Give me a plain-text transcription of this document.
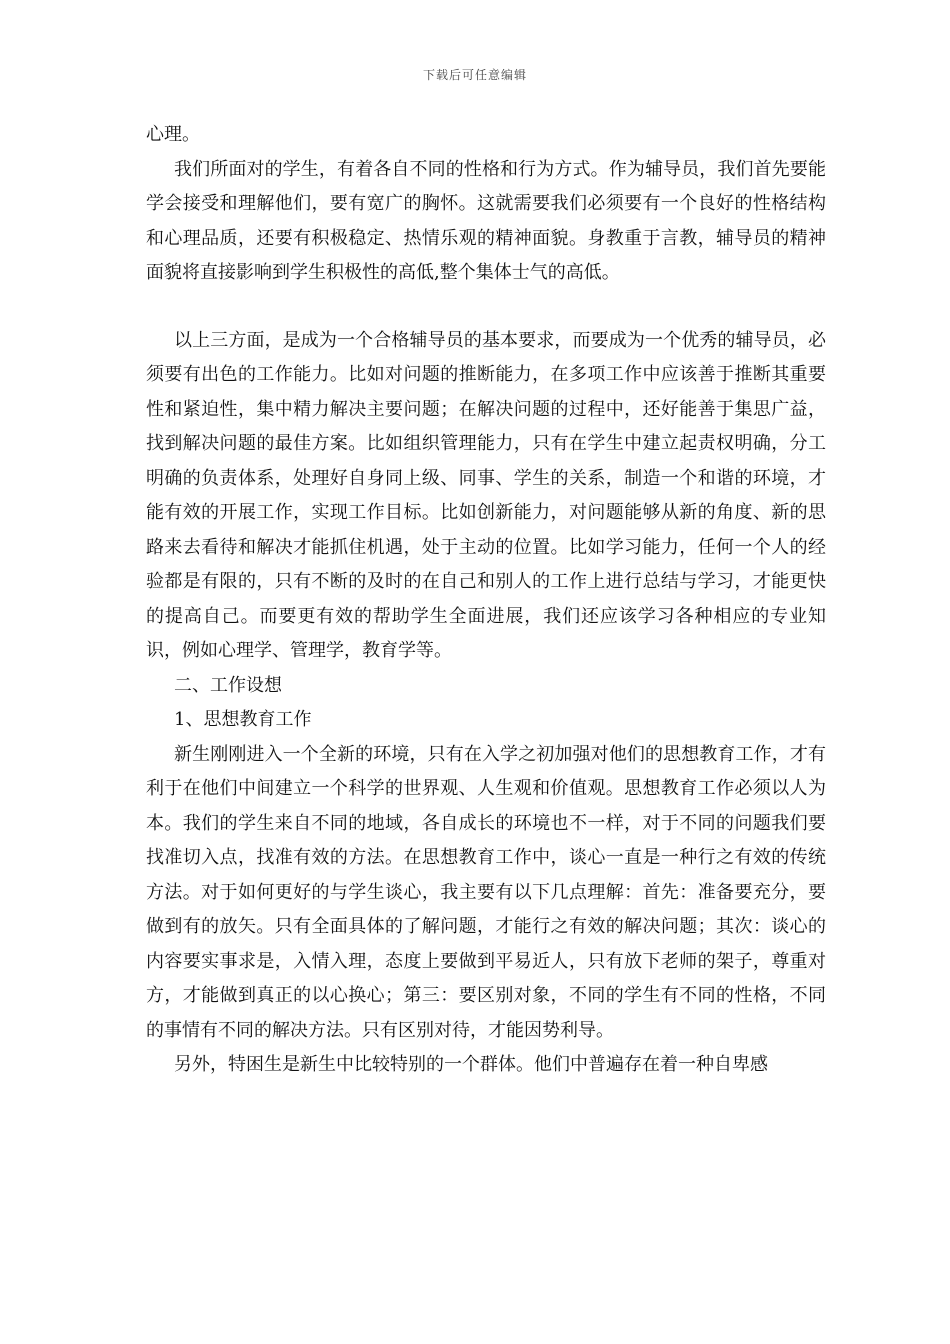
下载后可任意编辑

心理。

我们所面对的学生，有着各自不同的性格和行为方式。作为辅导员，我们首先要能学会接受和理解他们，要有宽广的胸怀。这就需要我们必须要有一个良好的性格结构和心理品质，还要有积极稳定、热情乐观的精神面貌。身教重于言教，辅导员的精神面貌将直接影响到学生积极性的高低,整个集体士气的高低。

以上三方面，是成为一个合格辅导员的基本要求，而要成为一个优秀的辅导员，必须要有出色的工作能力。比如对问题的推断能力，在多项工作中应该善于推断其重要性和紧迫性，集中精力解决主要问题；在解决问题的过程中，还好能善于集思广益，找到解决问题的最佳方案。比如组织管理能力，只有在学生中建立起责权明确，分工明确的负责体系，处理好自身同上级、同事、学生的关系，制造一个和谐的环境，才能有效的开展工作，实现工作目标。比如创新能力，对问题能够从新的角度、新的思路来去看待和解决才能抓住机遇，处于主动的位置。比如学习能力，任何一个人的经验都是有限的，只有不断的及时的在自己和别人的工作上进行总结与学习，才能更快的提高自己。而要更有效的帮助学生全面进展，我们还应该学习各种相应的专业知识，例如心理学、管理学，教育学等。

二、工作设想

1、思想教育工作

新生刚刚进入一个全新的环境，只有在入学之初加强对他们的思想教育工作，才有利于在他们中间建立一个科学的世界观、人生观和价值观。思想教育工作必须以人为本。我们的学生来自不同的地域，各自成长的环境也不一样，对于不同的问题我们要找准切入点，找准有效的方法。在思想教育工作中，谈心一直是一种行之有效的传统方法。对于如何更好的与学生谈心，我主要有以下几点理解：首先：准备要充分，要做到有的放矢。只有全面具体的了解问题，才能行之有效的解决问题；其次：谈心的内容要实事求是，入情入理，态度上要做到平易近人，只有放下老师的架子，尊重对方，才能做到真正的以心换心；第三：要区别对象，不同的学生有不同的性格，不同的事情有不同的解决方法。只有区别对待，才能因势利导。

另外，特困生是新生中比较特别的一个群体。他们中普遍存在着一种自卑感
